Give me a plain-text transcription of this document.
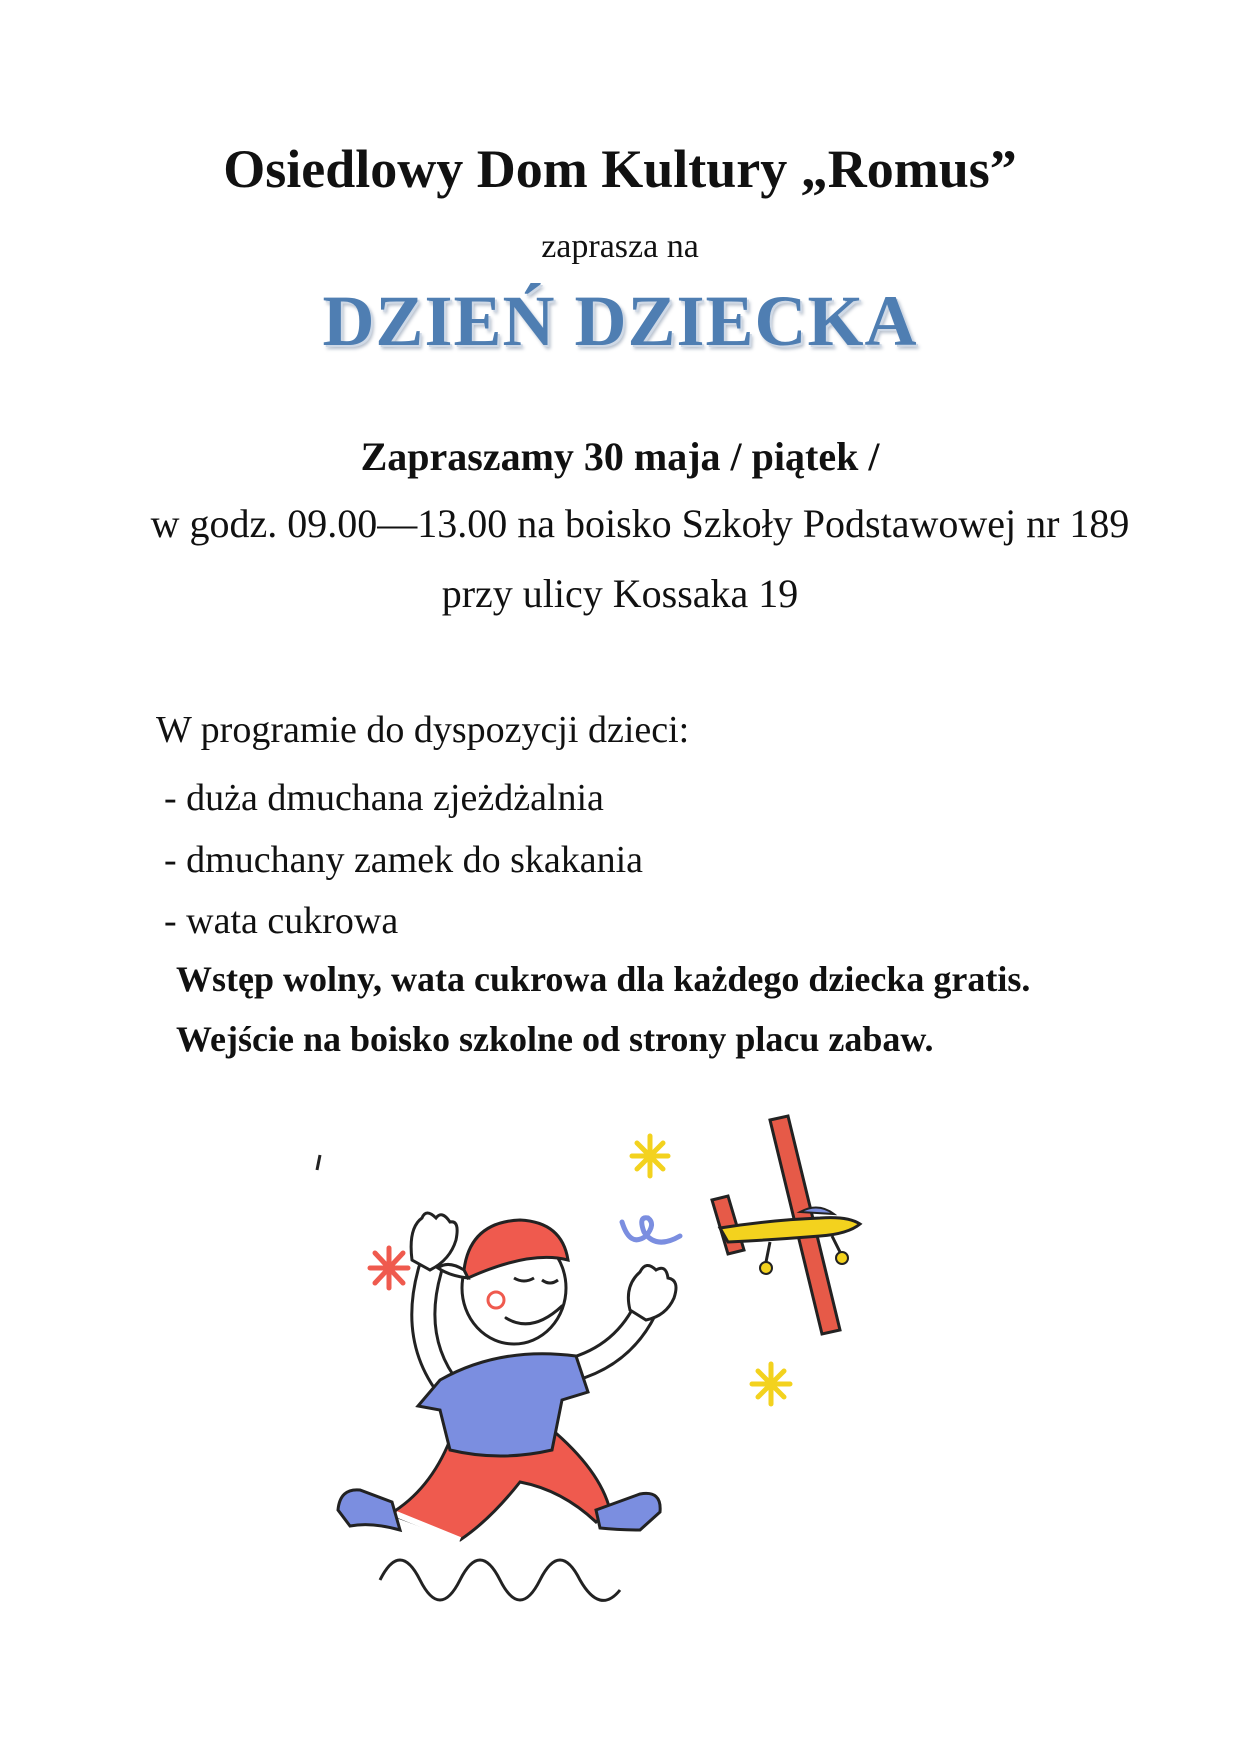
Osiedlowy Dom Kultury „Romus”
zaprasza na
DZIEŃ DZIECKA
Zapraszamy 30 maja / piątek /
w godz. 09.00—13.00 na boisko Szkoły Podstawowej nr 189
przy ulicy Kossaka 19
W programie do dyspozycji dzieci:
- duża dmuchana zjeżdżalnia
- dmuchany zamek do skakania
- wata cukrowa
Wstęp wolny, wata cukrowa dla każdego dziecka gratis.
Wejście na boisko szkolne od strony placu zabaw.
